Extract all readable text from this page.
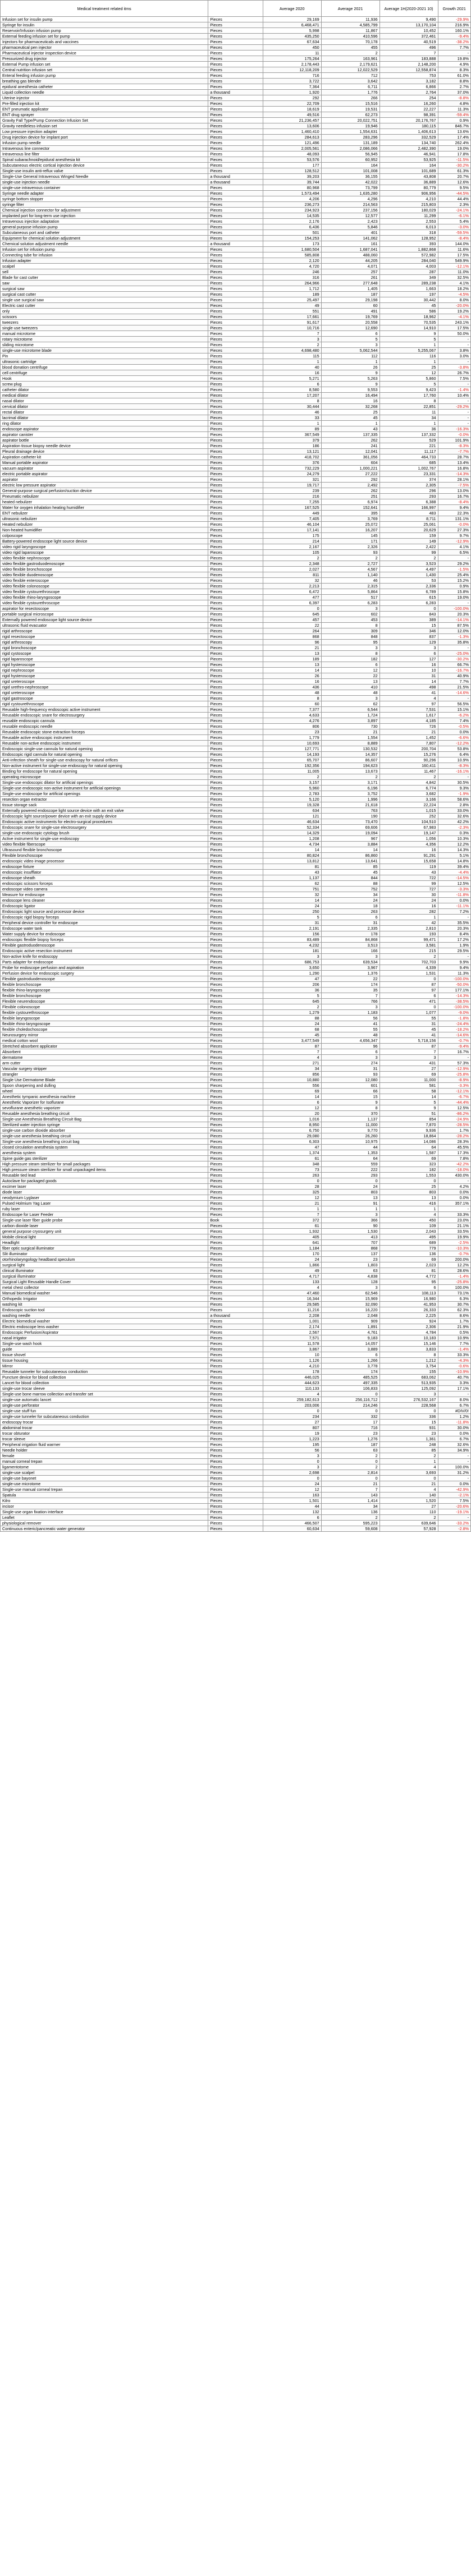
Medical treatment related itms		Average 2020	Average 2021	Average 1H(2020-2021 10)	Growth 2021
Infusion set for insulin pump	Pieces	29,169	11,936	9,490	-29.9%
Syringe for insulin	Pieces	6,468,471	4,585,799	13,170,104	216.9%
Reservoir/Infusion infusion pump	Pieces	5,998	11,867	10,452	160.1%
External feeding infusion set for pump	Pieces	435,250	410,596	372,461	-9.4%
Injectors for pharmaceuticals and vaccines	Pieces	67,634	70,178	40,519	-38.2%
pharmaceutical pen injector	Pieces	450	455	496	7.7%
Pharmaceutical injector inspection device	Pieces	11	2	7	-
Pressurized drug injector	Pieces	175,264	163,961	183,888	19.8%
External Pump infusion set	Pieces	2,178,443	2,179,621	2,148,200	4.9%
Central nutrition infusion set	Pieces	12,118,209	12,022,529	12,558,874	8.3%
Enteral feeding infusion pump	Pieces	716	712	753	61.0%
breathing gas blender	Pieces	3,722	3,642	3,182	8.8%
epidural anesthesia catheter	Pieces	7,364	6,711	6,866	2.7%
Liquid collection needle	a thousand	1,920	1,776	2,764	37.0%
Uterine injector	Pieces	292	266	254	-8.8%
Pre-filled injection kit	Pieces	22,709	15,516	16,260	4.8%
ENT pneumatic applicator	Pieces	18,619	19,531	22,227	11.3%
ENT drug sprayer	Pieces	49,516	62,273	98,391	-59.4%
Gravity Fall Type/Pump Connection Infusion Set	Pieces	21,236,457	20,022,751	20,176,767	0.9%
Gravity needleless infusion set	Pieces	13,606	19,946	180,115	846.7%
Low pressure injection adapter	Pieces	1,460,410	1,554,631	1,406,613	13.6%
Drug injection device for implant port	Pieces	284,613	283,296	332,529	17.4%
Infusion pump needle	Pieces	121,496	131,189	134,740	262.4%
Intravenous line connector	Pieces	2,005,561	2,086,066	2,482,390	19.0%
Intravenous line filter	Pieces	48,093	56,945	46,941	17.8%
Spinal subarachnoid/epidural anesthesia kit	Pieces	53,576	60,952	53,925	-11.5%
Subcutaneous electric cortical injection device	Pieces	177	164	164	-30.2%
Single-use insulin anti-reflux valve	Pieces	128,512	101,008	101,689	61.3%
Single-Use General Intravenous Winged Needle	a thousand	39,203	36,155	43,808	20.7%
single-use injection needle	a thousand	39,744	42,022	36,889	12.6%
single-use intravenous container	Pieces	80,968	73,799	80,779	9.5%
Syringe needle adapter	Pieces	1,573,494	1,635,280	906,956	-44.5%
syringe bottom stopper	Pieces	4,206	4,296	4,210	44.4%
syringe filter	Pieces	236,273	214,563	215,803	2.3%
Chemical injection connector for adjustment	Pieces	234,923	237,156	180,029	-24.1%
implanted port for long-term use injection	Pieces	14,535	12,577	11,299	-6.1%
Intravenous injection adaptation	Pieces	2,176	2,423	2,553	5.4%
general purpose infusion pump	Pieces	6,436	5,846	6,013	-3.0%
Subcutaneous port and catheter	Pieces	501	401	318	-59.5%
Equipment for chemical solution adjustment	Pieces	154,253	141,062	128,952	-8.4%
Chemical solution adjustment needle	a thousand	173	161	393	144.0%
Infusion set for infusion pump	Pieces	1,680,504	1,687,041	1,882,868	11.6%
Connecting tube for infusion	Pieces	585,808	488,060	572,982	17.5%
Infusion adapter	Pieces	2,120	44,205	284,040	549.9%
scalpel	Pieces	4,720	4,071	4,003	-12.1%
sell	Pieces	246	257	287	11.0%
Blade for cast cutter	Pieces	316	261	349	32.5%
saw	Pieces	264,966	277,648	289,238	4.1%
surgical saw	Pieces	1,712	1,405	1,663	18.2%
surgical cast cutter	Pieces	189	187	197	-4.5%
single use surgical saw	Pieces	25,497	29,198	30,442	8.0%
Electric cast cutter	Pieces	49	60	45	-20.0%
only	Pieces	551	491	586	19.2%
scissors	Pieces	17,661	19,769	18,962	-4.1%
tweezers	Pieces	91,617	20,558	70,535	243.1%
single use tweezers	Pieces	10,716	12,690	14,910	17.5%
manual microtome	Pieces	7	6	9	50.0%
rotary microtome	Pieces	3	5	5	-
sliding microtome	Pieces	2	3	1	-
single-use microtome blade	Pieces	4,698,480	5,062,544	5,255,067	3.8%
Pin	Pieces	115	112	116	3.0%
ultrasonic cartridge	Pieces	1	1	1	-
blood donation centrifuge	Pieces	40	26	25	-3.8%
cell centrifuge	Pieces	16	9	12	26.7%
Hook	Pieces	5,271	5,263	5,860	7.5%
screw plug	Pieces	6	9	5	-
catheter dilator	Pieces	8,580	9,553	9,423	-1.4%
medical dilator	Pieces	17,207	16,494	17,760	10.4%
nasal dilator	Pieces	8	16	8	-
cervical dilator	Pieces	30,444	32,268	22,851	-29.2%
rectal dilator	Pieces	46	25	11	-
lacrimal dilator	Pieces	33	45	34	-
ring dilator	Pieces	1	1	1	-
endoscope aspirator	Pieces	89	43	36	-16.3%
aspirator canister	Pieces	367,549	137,335	137,332	-0.0%
aspirator bottle	Pieces	379	262	529	101.9%
Aspiration tissue biopsy needle device	Pieces	186	241	221	-8.3%
Pleural drainage device	Pieces	13,121	12,041	11,117	-7.7%
Aspiration catheter kit	Pieces	418,702	361,056	464,733	28.7%
Manual portable aspirator	Pieces	376	604	685	13.4%
vacuum aspirator	Pieces	732,229	1,000,221	1,002,767	16.8%
electric portable aspirator	Pieces	24,279	27,222	23,331	-14.3%
aspirator	Pieces	321	292	374	28.1%
electric low pressure aspirator	Pieces	19,717	2,492	2,305	-7.5%
General-purpose surgical perfusion/suction device	Pieces	239	262	296	13.0%
Pneumatic nebulizer	Pieces	216	251	293	16.7%
heated nebulizer	Pieces	7,255	6,974	6,388	-8.4%
Water for oxygen inhalation heating humidifier	Pieces	167,525	152,641	166,997	9.4%
ENT nebulizer	Pieces	449	395	483	22.3%
ultrasonic nebulizer	Pieces	7,405	3,769	8,711	131.1%
Heated nebulizer	Pieces	46,104	25,072	25,061	-0.0%
Non-heated humidifier	Pieces	17,141	16,207	20,629	27.3%
colposcope	Pieces	175	145	159	9.7%
Battery-powered endoscope light source device	Pieces	214	171	149	-12.9%
video rigid laryngoscope	Pieces	2,167	2,326	2,422	4.1%
video rigid laparoscope	Pieces	105	93	99	6.5%
video flexible nephroscope	Pieces	2	2	2	-
video flexible gastroduodenoscope	Pieces	2,348	2,727	3,523	29.2%
video flexible bronchoscope	Pieces	2,027	4,567	4,497	-1.5%
video flexible duodenoscope	Pieces	811	1,140	1,430	25.4%
video flexible enteroscope	Pieces	32	46	53	15.2%
video flexible colonoscope	Pieces	2,213	2,315	2,336	0.9%
video flexible cystourethroscope	Pieces	6,472	5,864	6,789	15.8%
video flexible rhino-laryngoscope	Pieces	477	517	615	19.0%
video flexible cystourethroscope	Pieces	6,397	6,283	6,283	-
aspirator for resectoscope	Pieces	0	3	0	-100.0%
portable surgical microscope	Pieces	645	602	843	20.3%
Externally powered endoscope light source device	Pieces	457	453	389	-14.1%
ultrasonic fluid evacuator	Pieces	22	8	15	87.5%
rigid arthroscope	Pieces	264	309	346	12.0%
rigid resectoscope	Pieces	868	848	837	-1.3%
rigid arthroscopy	Pieces	96	95	129	35.8%
rigid bronchoscope	Pieces	21	3	3	-
rigid cystoscope	Pieces	13	8	6	-25.0%
rigid laparoscope	Pieces	189	182	127	-30.2%
rigid hysteroscope	Pieces	13	6	16	66.7%
rigid nephroscope	Pieces	14	12	10	-16.7%
rigid hysteroscope	Pieces	26	22	31	40.9%
rigid ureteroscope	Pieces	16	13	14	7.7%
rigid urethro-nephroscope	Pieces	436	410	498	21.5%
rigid ureteroscope	Pieces	48	48	41	-14.6%
rigid gastroscope	Pieces	8	3	4	-
rigid cystourethroscope	Pieces	60	62	97	56.5%
Reusable high-frequency endoscopic active instrument	Pieces	7,377	6,544	7,531	15.1%
Reusable endoscopic snare for electrosurgery	Pieces	4,633	1,724	1,617	-6.2%
reusable endoscopic cannula	Pieces	4,276	3,897	4,185	7.4%
reusable endoscopic needle	Pieces	806	730	726	-0.5%
Reusable endoscopic stone extraction forceps	Pieces	23	21	21	0.0%
Reusable active endoscopic instrument	Pieces	1,779	1,554	1,452	-6.6%
Reusable non-active endoscopic instrument	Pieces	10,693	8,889	7,807	-12.2%
Endoscopic single-use cannula for natural opening	Pieces	127,771	130,532	200,704	53.8%
Endoscopic rigid cannula for natural opening	Pieces	14,193	14,357	15,276	6.4%
Anti-infection sheath for single-use endoscopy for natural orifices	Pieces	65,707	86,607	90,296	10.9%
Non-active instrument for single-use endoscopy for natural opening	Pieces	192,356	194,623	160,411	-8.3%
Binding for endoscope for natural opening	Pieces	11,005	13,673	11,467	-16.1%
operating microscope	Pieces	2	2	2	-
Single-use endoscopic dilator for artificial openings	Pieces	3,157	3,171	4,842	30.5%
Single-use endoscopic non-active instrument for artificial openings	Pieces	5,960	6,196	6,774	9.3%
Single-use endoscope for artificial openings	Pieces	2,783	3,752	3,682	-1.9%
resection organ extractor	Pieces	5,120	1,996	3,166	58.6%
tissue storage sack	Pieces	19,328	21,618	22,224	2.8%
Externally powered endoscope light source device with an exit valve	Pieces	634	763	1,015	33.0%
Endoscopic light source/power device with an exit supply device	Pieces	121	190	252	32.6%
Endoscopic active instruments for electro-surgical procedures	Pieces	46,634	73,470	104,510	42.2%
Endoscopic snare for single-use electrosurgery	Pieces	52,334	69,606	67,983	-2.3%
single-use endoscopic cytology brush	Pieces	14,329	19,094	19,147	0.3%
Active instrument for single-use endoscopy	Pieces	1,208	967	1,056	10.3%
video flexible fiberscope	Pieces	4,734	3,884	4,356	12.2%
Ultrasound flexible bronchoscope	Pieces	14	14	16	14.3%
Flexible bronchoscope	Pieces	80,824	86,860	91,291	5.1%
endoscopic video image processor	Pieces	13,812	13,641	15,658	14.8%
endoscope fixture	Pieces	81	85	119	39.4%
endoscopic insufflator	Pieces	43	45	43	-4.4%
endoscope sheath	Pieces	1,137	844	722	-14.5%
endoscopic scissors forceps	Pieces	62	88	99	12.5%
endoscope video camera	Pieces	751	752	727	-3.3%
Measure for endoscope	Pieces	32	34	30	-11.8%
endoscope lens cleaner	Pieces	14	24	24	0.0%
Endoscopic ligator	Pieces	24	18	16	-11.1%
Endoscopic light source and processor device	Pieces	250	263	282	7.2%
Endoscopic rigid biopsy forceps	Pieces	5	6	1	-
Peripheral device controller for endoscope	Pieces	31	31	42	35.5%
Endoscope water tank	Pieces	2,191	2,335	2,810	20.3%
Water supply device for endoscope	Pieces	156	178	193	8.4%
endoscopic flexible biopsy forceps	Pieces	83,489	84,868	99,471	17.2%
Flexible gastroduodenoscope	Pieces	4,232	3,513	3,581	1.9%
Endoscopic active resection instrument	Pieces	181	166	215	29.5%
Non-active knife for endoscopy	Pieces	3	3	2	-
Parts adapter for endoscope	Pieces	686,753	639,534	702,703	9.9%
Probe for endoscope perfusion and aspiration	Pieces	3,650	3,967	4,339	9.4%
Perfusion device for endoscopic surgery	Pieces	1,290	1,376	1,531	11.3%
Flexible gastroduodenoscope	Pieces	47	22	0	-100.0%
flexible bronchoscope	Pieces	206	174	87	-50.0%
flexible rhino-laryngoscope	Pieces	36	35	97	177.1%
flexible bronchoscope	Pieces	5	7	6	-14.3%
Flexible neurendoscope	Pieces	645	766	471	-38.5%
Flexible colonoscope	Pieces	2	3	0	-100.0%
flexible cystourethroscope	Pieces	1,279	1,183	1,077	-9.0%
flexible laryngoscope	Pieces	88	56	55	-1.8%
flexible rhino-laryngoscope	Pieces	24	41	31	-24.4%
flexible choledochoscope	Pieces	68	55	45	-18.2%
Neurosurgery mirror	Pieces	45	48	41	-14.6%
medical cotton wool	Pieces	3,477,549	4,656,347	5,718,156	-0.7%
Stretched absorbent applicator	Pieces	87	96	87	-9.4%
Absorbent	Pieces	7	6	7	16.7%
dermatome	Pieces	4	3	3	-
arm cutter	Pieces	271	274	431	57.3%
Vascular surgery stripper	Pieces	34	31	27	-12.9%
strangler	Pieces	856	93	69	-25.8%
Single Use Dermatome Blade	Pieces	10,880	12,080	11,000	-8.9%
Spoon sharpening and dulling	Pieces	556	601	581	-3.3%
wheel	Pieces	69	66	58	-12.1%
Anesthetic tympanic anesthesia machine	Pieces	14	15	14	-6.7%
Anesthetic Vaporizer for Isoflurane	Pieces	6	9	5	-44.4%
sevoflurane anesthetic vaporizer	Pieces	12	8	9	12.5%
Reusable anesthesia breathing circuit	Pieces	20	370	51	-86.2%
Single-use Anesthesia Breathing Circuit Bag	Pieces	1,016	1,137	854	-24.9%
Sterilized water injection syringe	Pieces	8,950	11,000	7,870	-28.5%
single-use carbon dioxide absorber	Pieces	6,750	9,770	9,936	1.7%
single-use anesthesia breathing circuit	Pieces	29,080	26,260	18,864	-28.2%
Single-use anesthesia breathing circuit bag	Pieces	6,303	10,975	14,086	28.3%
closed circulation anesthesia system	Pieces	47	44	64	45.5%
anesthesia system	Pieces	1,374	1,353	1,587	17.3%
Spine guide gas sterilizer	Pieces	61	64	69	7.8%
High pressure steam sterilizer for small packages	Pieces	348	559	323	-42.2%
High pressure steam sterilizer for small unpackaged items	Pieces	73	222	182	-18.0%
Reusable tied lead	Pieces	263	293	1,553	430.0%
Autoclave for packaged goods	Pieces	0	0	0	-
excimer laser	Pieces	28	24	25	4.2%
diode laser	Pieces	325	803	803	0.0%
neodymium Lyglaser	Pieces	12	13	13	0.0%
Pulsed Holmium Yag Laser	Pieces	21	91	416	357.1%
ruby laser	Pieces	1	1	1	-
Endoscope for Laser Feeder	Pieces	7	3	4	33.3%
Single-use laser fiber guide probe	Book	372	366	450	23.0%
carbon dioxide laser	Pieces	61	90	109	21.1%
general purpose cryosurgery unit	Pieces	1,932	1,530	2,043	33.5%
Mobile clinical light	Pieces	405	413	495	19.9%
Headlight	Pieces	641	707	689	-2.5%
fiber optic surgical illuminator	Pieces	1,184	868	779	-10.3%
Slit illuminator	Pieces	170	137	136	-0.7%
otorhinolaryngology headband speculum	Pieces	24	23	69	200.0%
surgical light	Pieces	1,866	1,803	2,023	12.2%
clinical illuminator	Pieces	49	63	81	28.6%
surgical illuminator	Pieces	4,717	4,838	4,772	-1.4%
Surgical Light Reusable Handle Cover	Pieces	133	128	95	-25.8%
metal chest collector	Pieces	4	3	6	100.0%
Manual biomedical washer	Pieces	47,460	62,546	108,113	73.1%
Orthopedic Irrigator	Pieces	16,344	15,969	16,980	6.3%
washing kit	Pieces	29,585	32,090	41,953	30.7%
Endoscopic suction tool	Pieces	11,216	16,220	26,333	62.3%
washing needle	a thousand	2,208	2,048	2,225	8.6%
Electric biomedical washer	Pieces	1,001	909	924	1.7%
Electric endoscope lens washer	Pieces	2,174	1,891	2,306	21.9%
Endoscopic Perfusion/Aspirator	Pieces	2,567	4,761	4,784	0.5%
nasal irrigator	Pieces	7,571	9,183	10,183	10.9%
Single-use wash hook	Pieces	11,578	14,057	15,146	7.7%
guide	Pieces	3,867	3,889	3,833	-1.4%
tissue shovel	Pieces	10	6	8	33.3%
tissue housing	Pieces	1,126	1,266	1,212	-4.3%
Mirror	Pieces	4,210	3,778	3,754	-0.6%
Reusable tunneler for subcutaneous conduction	Pieces	178	174	155	-10.9%
Puncture device for blood collection	Pieces	446,025	485,525	683,062	40.7%
Lancet for blood collection	Pieces	444,623	497,335	513,935	3.3%
single-use trocar sleeve	Pieces	110,133	106,833	125,092	17.1%
Single-use bone marrow collection and transfer set	Pieces	4	0	3	-
single-use automatic lancet	Pieces	259,182,613	256,116,712	276,532,167	8.0%
single-use perforator	Pieces	203,006	214,246	228,568	6.7%
single-use stuff fun	Pieces	0	0	0	#DIV/0!
single-use tunneler for subcutaneous conduction	Pieces	234	332	336	1.2%
endoscopy trocar	Pieces	27	17	15	-11.8%
abdominal trocar	Pieces	807	716	931	30.0%
trocar obturator	Pieces	19	23	23	0.0%
trocar sleeve	Pieces	1,223	1,276	1,361	6.7%
Peripheral irrigation fluid warmer	Pieces	195	187	248	32.6%
Needle holder	Pieces	56	63	85	34.9%
female	Pieces	3	2	2	-
manual corneal trepan	Pieces	0	0	1	-
ligamentotome	Pieces	3	2	4	100.0%
single-use scalpel	Pieces	2,698	2,814	3,693	31.2%
single-use bayonet	Pieces	0	0	0	-
single-use microtome	Pieces	24	21	21	0.0%
Single-use manual corneal trepan	Pieces	12	7	4	-42.9%
Spatula	Pieces	163	143	140	-2.1%
Kilro	Pieces	1,501	1,414	1,520	7.5%
incisor	Pieces	44	34	27	-20.6%
Single-use organ fixation interface	Pieces	132	136	110	-19.1%
Leaflet	Pieces	6	2	2	-
physiological remover	Pieces	466,507	595,223	639,646	-33.2%
Continuous enteric/pancreatic water generator	Pieces	60,634	59,608	57,928	-2.8%
